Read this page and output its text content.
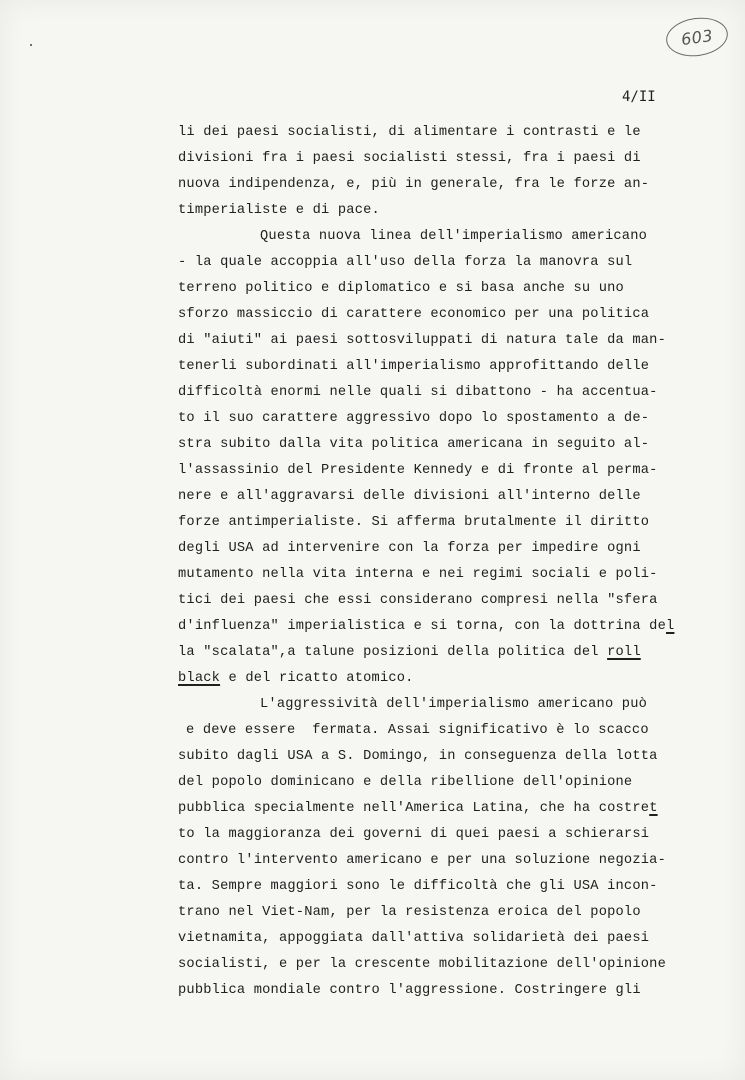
603
4/II
li dei paesi socialisti, di alimentare i contrasti e le
divisioni fra i paesi socialisti stessi, fra i paesi di
nuova indipendenza, e, più in generale, fra le forze an-
timperialiste e di pace.
Questa nuova linea dell'imperialismo americano
- la quale accoppia all'uso della forza la manovra sul
terreno politico e diplomatico e si basa anche su uno
sforzo massiccio di carattere economico per una politica
di "aiuti" ai paesi sottosviluppati di natura tale da man-
tenerli subordinati all'imperialismo approfittando delle
difficoltà enormi nelle quali si dibattono - ha accentua-
to il suo carattere aggressivo dopo lo spostamento a de-
stra subito dalla vita politica americana in seguito al-
l'assassinio del Presidente Kennedy e di fronte al perma-
nere e all'aggravarsi delle divisioni all'interno delle
forze antimperialiste. Si afferma brutalmente il diritto
degli USA ad intervenire con la forza per impedire ogni
mutamento nella vita interna e nei regimi sociali e poli-
tici dei paesi che essi considerano compresi nella "sfera
d'influenza" imperialistica e si torna, con la dottrina del
la "scalata",a talune posizioni della politica del roll
black e del ricatto atomico.
L'aggressività dell'imperialismo americano può
e deve essere  fermata. Assai significativo è lo scacco
subito dagli USA a S. Domingo, in conseguenza della lotta
del popolo dominicano e della ribellione dell'opinione
pubblica specialmente nell'America Latina, che ha costret
to la maggioranza dei governi di quei paesi a schierarsi
contro l'intervento americano e per una soluzione negozia-
ta. Sempre maggiori sono le difficoltà che gli USA incon-
trano nel Viet-Nam, per la resistenza eroica del popolo
vietnamita, appoggiata dall'attiva solidarietà dei paesi
socialisti, e per la crescente mobilitazione dell'opinione
pubblica mondiale contro l'aggressione. Costringere gli
